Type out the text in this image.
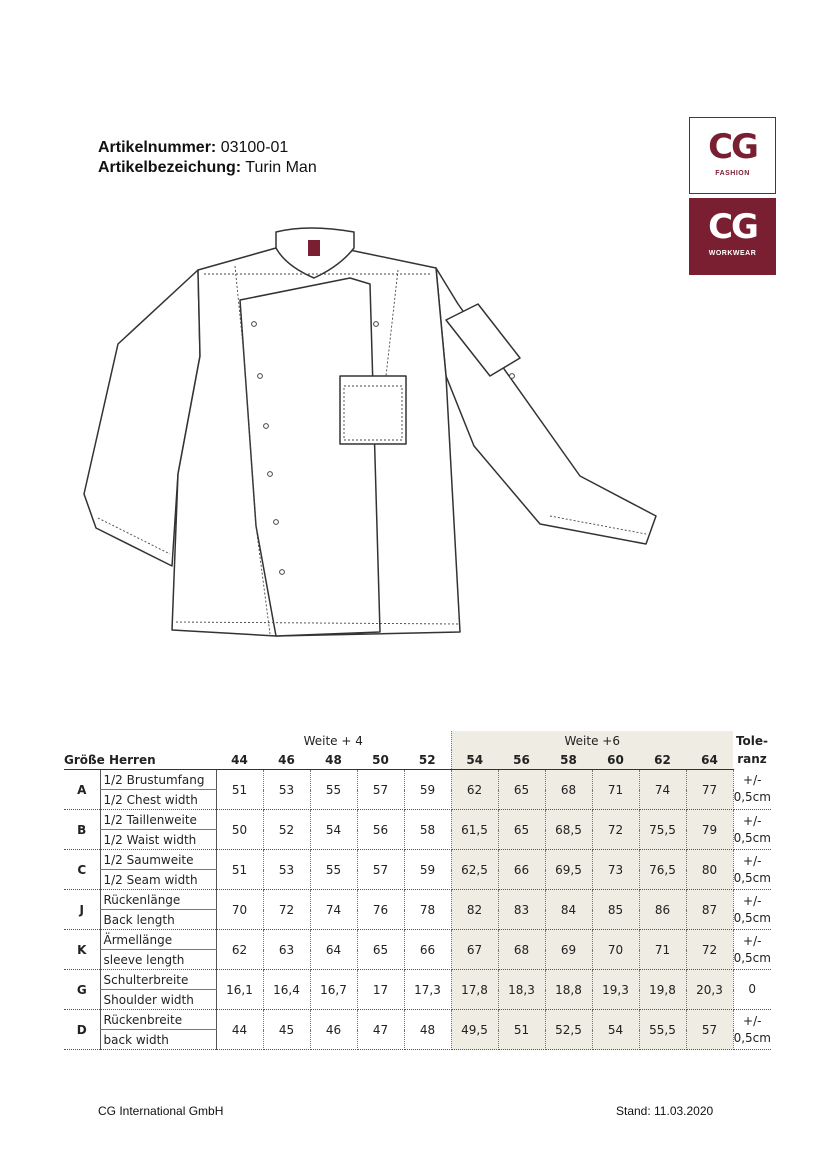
Artikelnummer: 03100-01
Artikelbezeichung: Turin Man
CG
FASHION
CG
WORKWEAR
		Weite + 4					Weite +6						Tole-
ranz
Größe Herren		44	46	48	50	52	54	56	58	60	62	64	
A	1/2 Brustumfang	51	53	55	57	59	62	65	68	71	74	77	+/-
0,5cm
	1/2 Chest width												
B	1/2 Taillenweite	50	52	54	56	58	61,5	65	68,5	72	75,5	79	+/-
0,5cm
	1/2 Waist width												
C	1/2 Saumweite	51	53	55	57	59	62,5	66	69,5	73	76,5	80	+/-
0,5cm
	1/2 Seam width												
J	Rückenlänge	70	72	74	76	78	82	83	84	85	86	87	+/-
0,5cm
	Back length												
K	Ärmellänge	62	63	64	65	66	67	68	69	70	71	72	+/-
0,5cm
	sleeve length												
G	Schulterbreite	16,1	16,4	16,7	17	17,3	17,8	18,3	18,8	19,3	19,8	20,3	0
	Shoulder width												
D	Rückenbreite	44	45	46	47	48	49,5	51	52,5	54	55,5	57	+/-
0,5cm
	back width												
CG International GmbH	Stand: 11.03.2020
